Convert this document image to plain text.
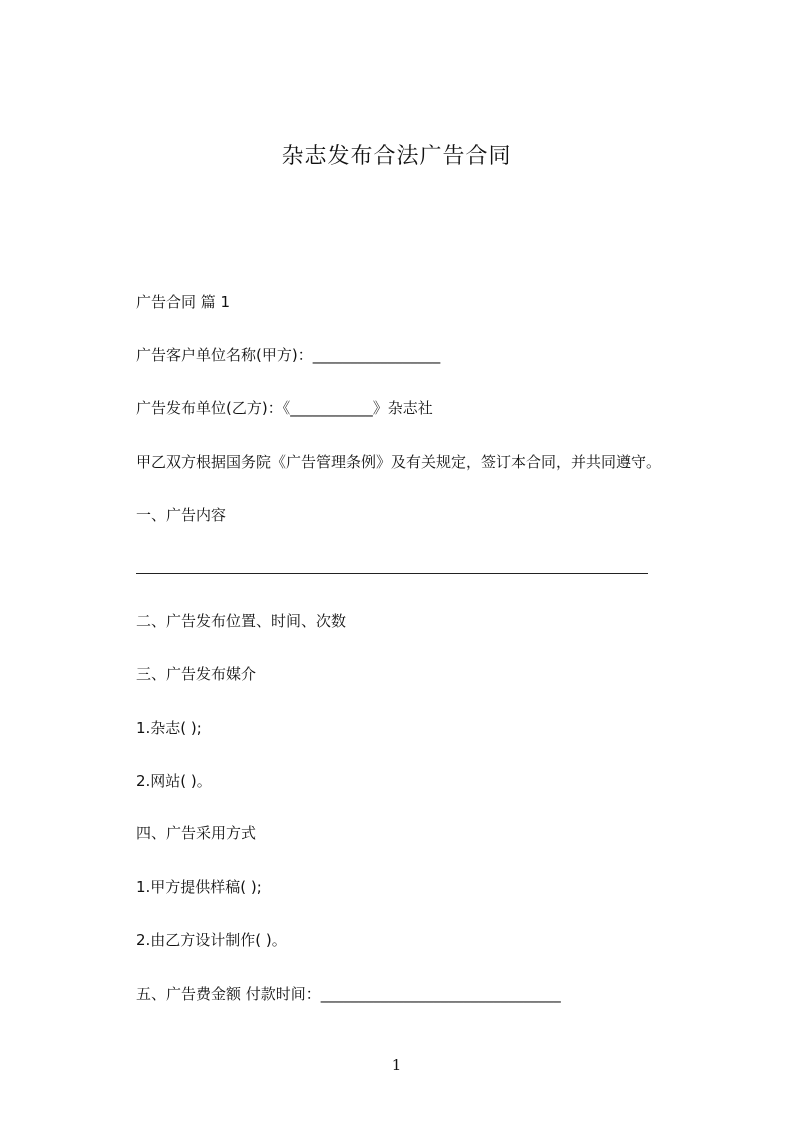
杂志发布合法广告合同
广告合同 篇 1
广告客户单位名称(甲方)：_________________
广告发布单位(乙方)：《___________》杂志社
甲乙双方根据国务院《广告管理条例》及有关规定，签订本合同，并共同遵守。
一、广告内容
二、广告发布位置、时间、次数
三、广告发布媒介
1.杂志( );
2.网站( )。
四、广告采用方式
1.甲方提供样稿( );
2.由乙方设计制作( )。
五、广告费金额 付款时间：________________________________
1
